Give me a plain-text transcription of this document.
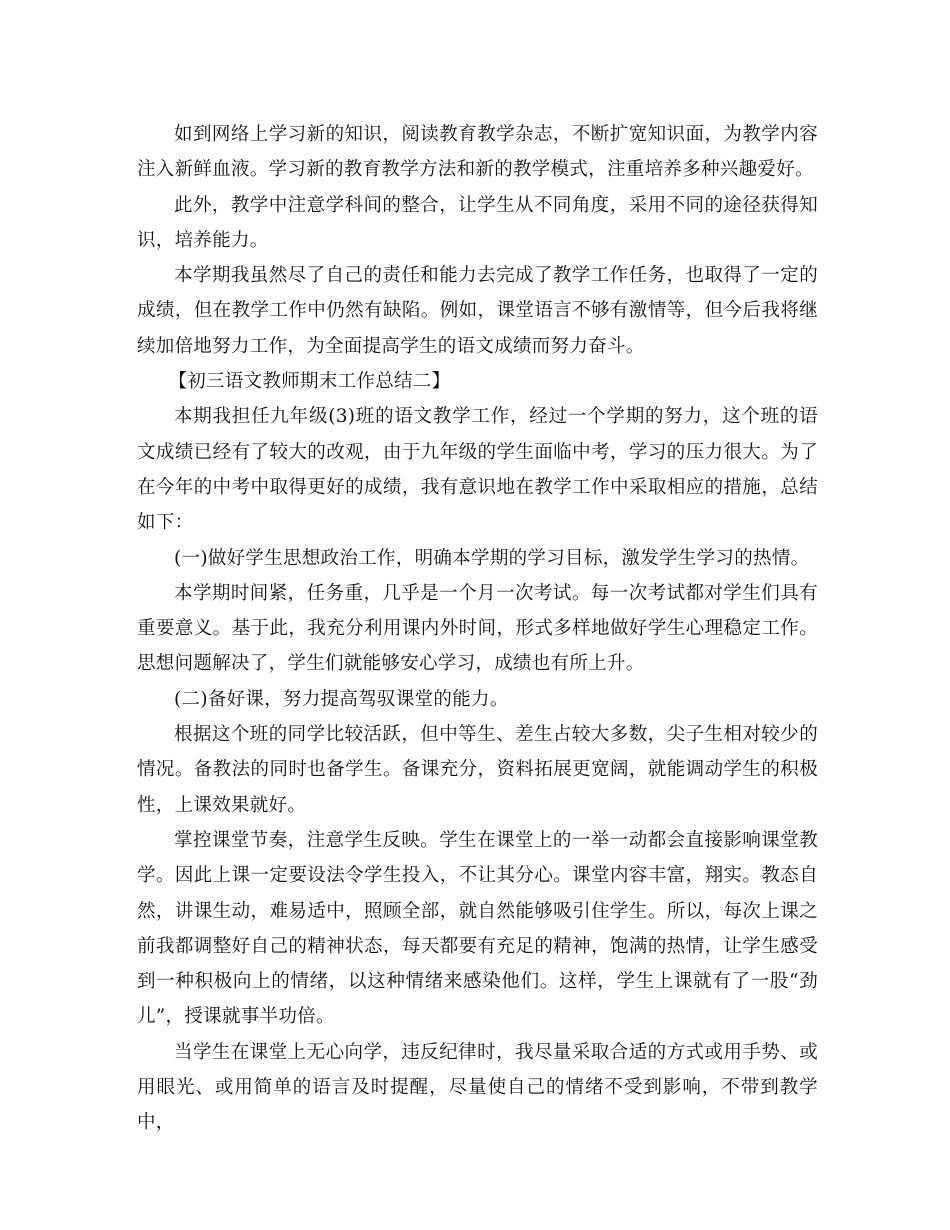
如到网络上学习新的知识，阅读教育教学杂志，不断扩宽知识面，为教学内容注入新鲜血液。学习新的教育教学方法和新的教学模式，注重培养多种兴趣爱好。

此外，教学中注意学科间的整合，让学生从不同角度，采用不同的途径获得知识，培养能力。

本学期我虽然尽了自己的责任和能力去完成了教学工作任务，也取得了一定的成绩，但在教学工作中仍然有缺陷。例如，课堂语言不够有激情等，但今后我将继续加倍地努力工作，为全面提高学生的语文成绩而努力奋斗。

【初三语文教师期末工作总结二】

本期我担任九年级(3)班的语文教学工作，经过一个学期的努力，这个班的语文成绩已经有了较大的改观，由于九年级的学生面临中考，学习的压力很大。为了在今年的中考中取得更好的成绩，我有意识地在教学工作中采取相应的措施，总结如下：

(一)做好学生思想政治工作，明确本学期的学习目标，激发学生学习的热情。

本学期时间紧，任务重，几乎是一个月一次考试。每一次考试都对学生们具有重要意义。基于此，我充分利用课内外时间，形式多样地做好学生心理稳定工作。思想问题解决了，学生们就能够安心学习，成绩也有所上升。

(二)备好课，努力提高驾驭课堂的能力。

根据这个班的同学比较活跃，但中等生、差生占较大多数，尖子生相对较少的情况。备教法的同时也备学生。备课充分，资料拓展更宽阔，就能调动学生的积极性，上课效果就好。

掌控课堂节奏，注意学生反映。学生在课堂上的一举一动都会直接影响课堂教学。因此上课一定要设法令学生投入，不让其分心。课堂内容丰富，翔实。教态自然，讲课生动，难易适中，照顾全部，就自然能够吸引住学生。所以，每次上课之前我都调整好自己的精神状态，每天都要有充足的精神，饱满的热情，让学生感受到一种积极向上的情绪，以这种情绪来感染他们。这样，学生上课就有了一股“劲儿”，授课就事半功倍。

当学生在课堂上无心向学，违反纪律时，我尽量采取合适的方式或用手势、或用眼光、或用简单的语言及时提醒，尽量使自己的情绪不受到影响，不带到教学中，
